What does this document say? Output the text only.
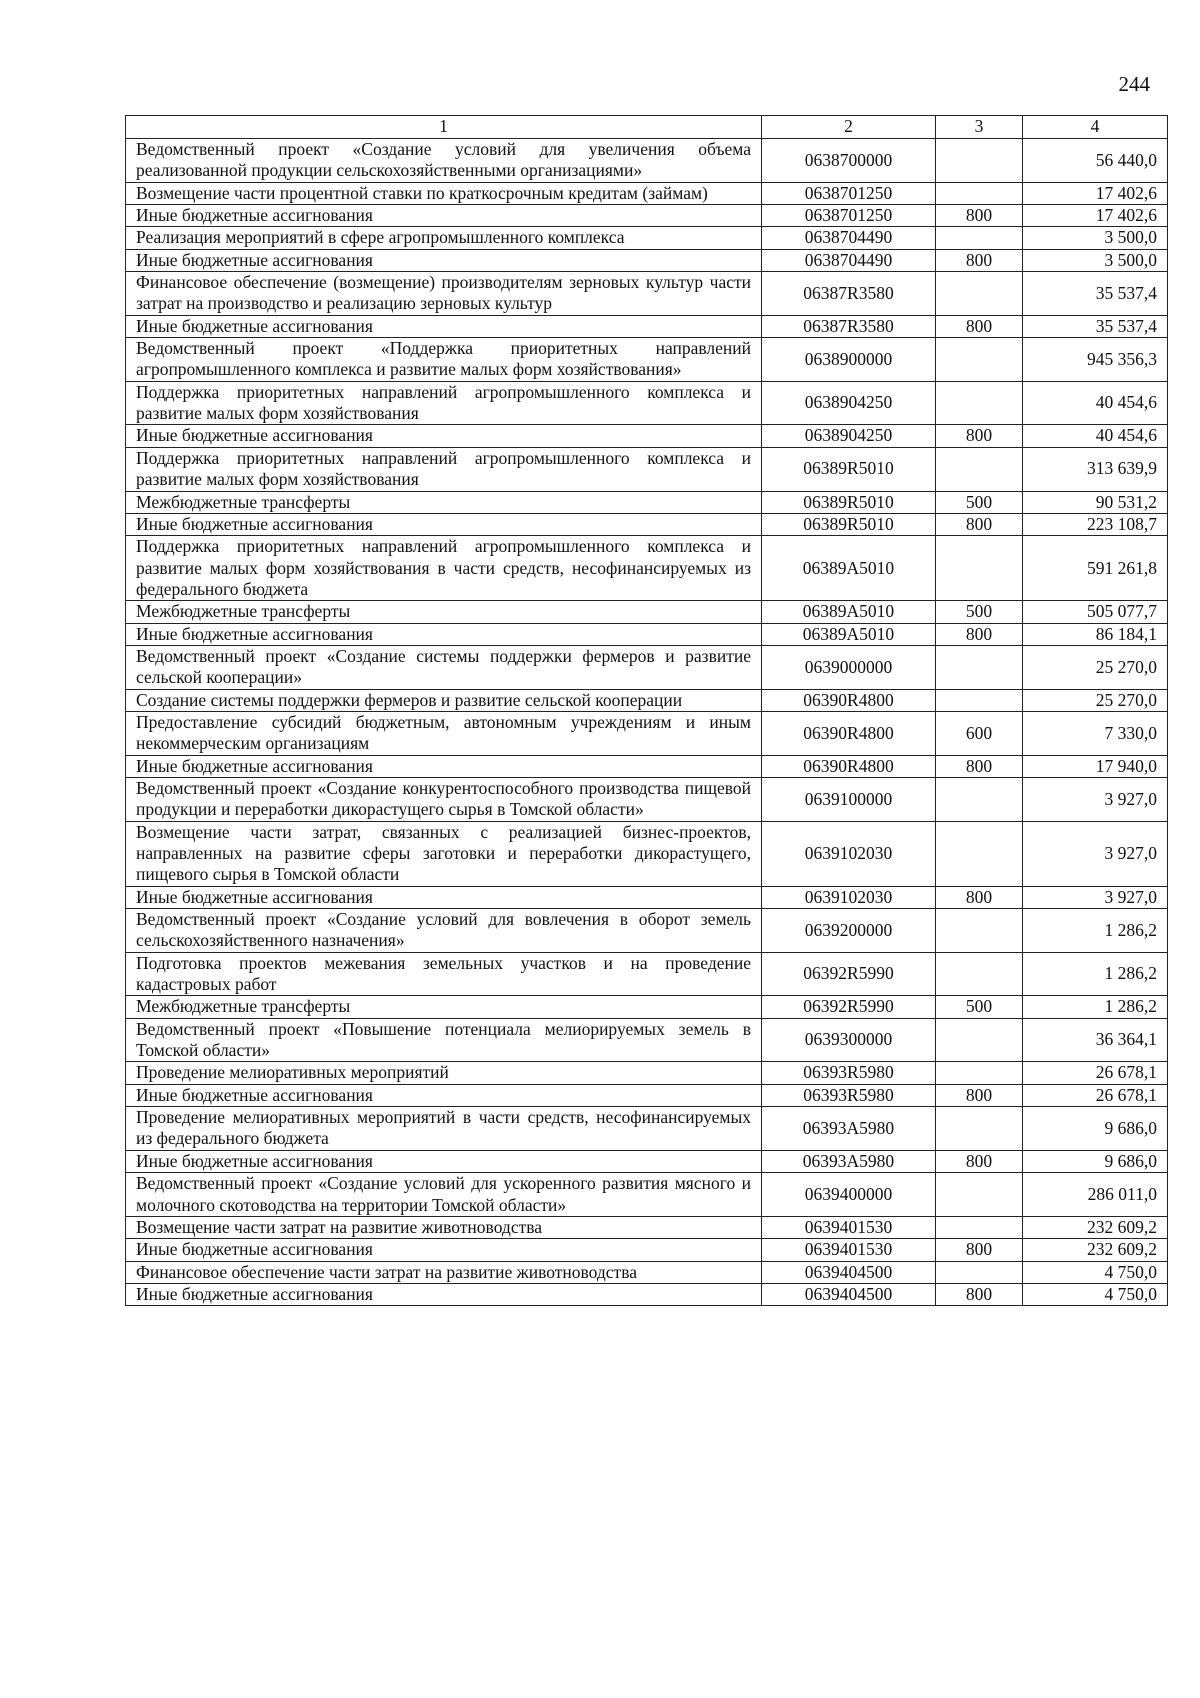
244
1	2	3	4
Ведомственный проект «Создание условий для увеличения объема реализованной продукции сельскохозяйственными организациями»	0638700000		56 440,0
Возмещение части процентной ставки по краткосрочным кредитам (займам)	0638701250		17 402,6
Иные бюджетные ассигнования	0638701250	800	17 402,6
Реализация мероприятий в сфере агропромышленного комплекса	0638704490		3 500,0
Иные бюджетные ассигнования	0638704490	800	3 500,0
Финансовое обеспечение (возмещение) производителям зерновых культур части затрат на производство и реализацию зерновых культур	06387R3580		35 537,4
Иные бюджетные ассигнования	06387R3580	800	35 537,4
Ведомственный проект «Поддержка приоритетных направлений агропромышленного комплекса и развитие малых форм хозяйствования»	0638900000		945 356,3
Поддержка приоритетных направлений агропромышленного комплекса и развитие малых форм хозяйствования	0638904250		40 454,6
Иные бюджетные ассигнования	0638904250	800	40 454,6
Поддержка приоритетных направлений агропромышленного комплекса и развитие малых форм хозяйствования	06389R5010		313 639,9
Межбюджетные трансферты	06389R5010	500	90 531,2
Иные бюджетные ассигнования	06389R5010	800	223 108,7
Поддержка приоритетных направлений агропромышленного комплекса и развитие малых форм хозяйствования в части средств, несофинансируемых из федерального бюджета	06389A5010		591 261,8
Межбюджетные трансферты	06389A5010	500	505 077,7
Иные бюджетные ассигнования	06389A5010	800	86 184,1
Ведомственный проект «Создание системы поддержки фермеров и развитие сельской кооперации»	0639000000		25 270,0
Создание системы поддержки фермеров и развитие сельской кооперации	06390R4800		25 270,0
Предоставление субсидий бюджетным, автономным учреждениям и иным некоммерческим организациям	06390R4800	600	7 330,0
Иные бюджетные ассигнования	06390R4800	800	17 940,0
Ведомственный проект «Создание конкурентоспособного производства пищевой продукции и переработки дикорастущего сырья в Томской области»	0639100000		3 927,0
Возмещение части затрат, связанных с реализацией бизнес-проектов, направленных на развитие сферы заготовки и переработки дикорастущего, пищевого сырья в Томской области	0639102030		3 927,0
Иные бюджетные ассигнования	0639102030	800	3 927,0
Ведомственный проект «Создание условий для вовлечения в оборот земель сельскохозяйственного назначения»	0639200000		1 286,2
Подготовка проектов межевания земельных участков и на проведение кадастровых работ	06392R5990		1 286,2
Межбюджетные трансферты	06392R5990	500	1 286,2
Ведомственный проект «Повышение потенциала мелиорируемых земель в Томской области»	0639300000		36 364,1
Проведение мелиоративных мероприятий	06393R5980		26 678,1
Иные бюджетные ассигнования	06393R5980	800	26 678,1
Проведение мелиоративных мероприятий в части средств, несофинансируемых из федерального бюджета	06393A5980		9 686,0
Иные бюджетные ассигнования	06393A5980	800	9 686,0
Ведомственный проект «Создание условий для ускоренного развития мясного и молочного скотоводства на территории Томской области»	0639400000		286 011,0
Возмещение части затрат на развитие животноводства	0639401530		232 609,2
Иные бюджетные ассигнования	0639401530	800	232 609,2
Финансовое обеспечение части затрат на развитие животноводства	0639404500		4 750,0
Иные бюджетные ассигнования	0639404500	800	4 750,0
